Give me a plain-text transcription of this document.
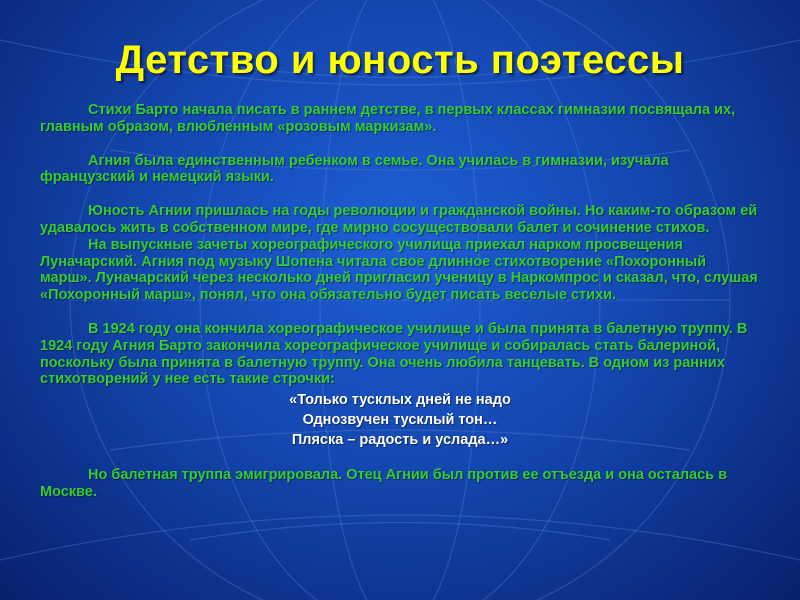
Детство и юность поэтессы

Стихи Барто начала писать в раннем детстве, в первых классах гимназии посвящала их, главным образом, влюбленным «розовым маркизам».

Агния была единственным ребенком в семье. Она училась в гимназии, изучала французский и немецкий языки.

Юность Агнии пришлась на годы революции и гражданской войны. Но каким-то образом ей удавалось жить в собственном мире, где мирно сосуществовали балет и сочинение стихов.

На выпускные зачеты хореографического училища приехал нарком просвещения Луначарский. Агния под музыку Шопена читала свое длинное стихотворение «Похоронный марш». Луначарский через несколько дней пригласил ученицу в Наркомпрос и сказал, что, слушая «Похоронный марш», понял, что она обязательно будет писать веселые стихи.

В 1924 году она кончила хореографическое училище и была принята в балетную труппу. В 1924 году Агния Барто закончила хореографическое училище и собиралась стать балериной, поскольку была принята в балетную труппу. Она очень любила танцевать. В одном из ранних стихотворений у нее есть такие строчки:

«Только тусклых дней не надо

Однозвучен тусклый тон…

Пляска – радость и услада…»

Но балетная труппа эмигрировала. Отец Агнии был против ее отъезда и она осталась в Москве.
